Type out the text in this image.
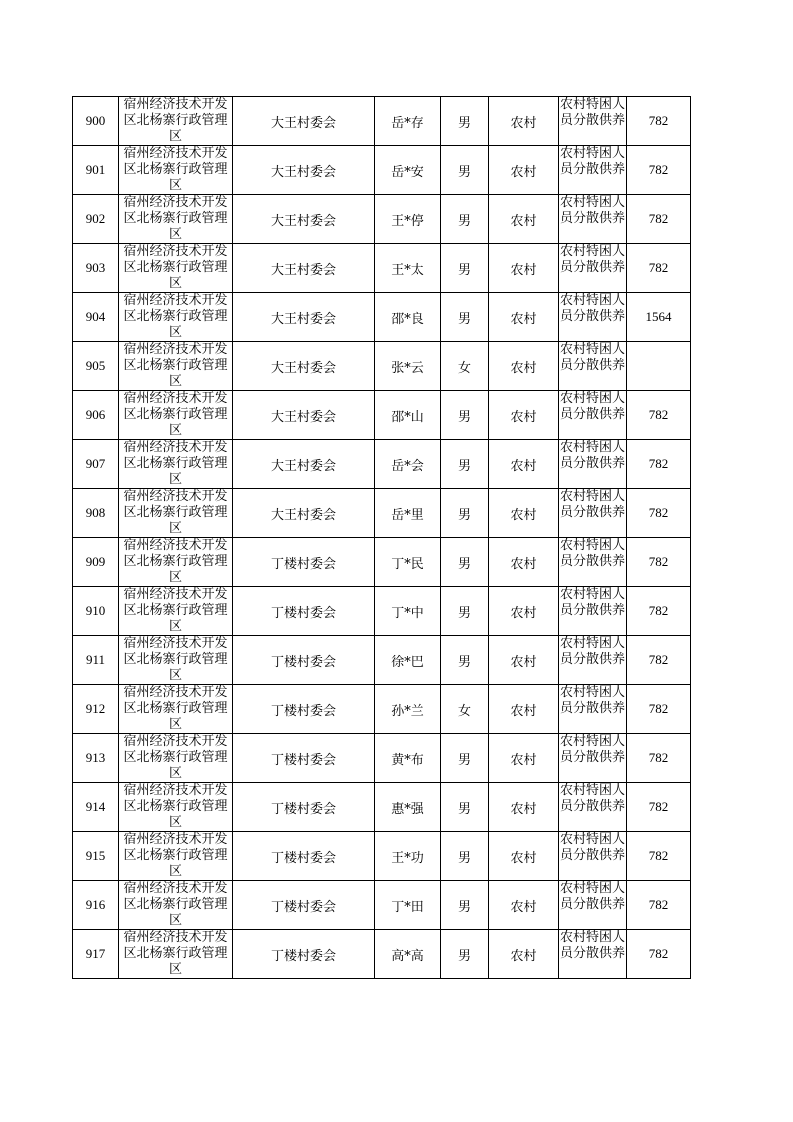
900	宿州经济技术开发区北杨寨行政管理区	大王村委会	岳*存	男	农村	农村特困人员分散供养	782
901	宿州经济技术开发区北杨寨行政管理区	大王村委会	岳*安	男	农村	农村特困人员分散供养	782
902	宿州经济技术开发区北杨寨行政管理区	大王村委会	王*停	男	农村	农村特困人员分散供养	782
903	宿州经济技术开发区北杨寨行政管理区	大王村委会	王*太	男	农村	农村特困人员分散供养	782
904	宿州经济技术开发区北杨寨行政管理区	大王村委会	邵*良	男	农村	农村特困人员分散供养	1564
905	宿州经济技术开发区北杨寨行政管理区	大王村委会	张*云	女	农村	农村特困人员分散供养	

906	宿州经济技术开发区北杨寨行政管理区	大王村委会	邵*山	男	农村	农村特困人员分散供养	782
907	宿州经济技术开发区北杨寨行政管理区	大王村委会	岳*会	男	农村	农村特困人员分散供养	782
908	宿州经济技术开发区北杨寨行政管理区	大王村委会	岳*里	男	农村	农村特困人员分散供养	782
909	宿州经济技术开发区北杨寨行政管理区	丁楼村委会	丁*民	男	农村	农村特困人员分散供养	782
910	宿州经济技术开发区北杨寨行政管理区	丁楼村委会	丁*中	男	农村	农村特困人员分散供养	782
911	宿州经济技术开发区北杨寨行政管理区	丁楼村委会	徐*巴	男	农村	农村特困人员分散供养	782
912	宿州经济技术开发区北杨寨行政管理区	丁楼村委会	孙*兰	女	农村	农村特困人员分散供养	782
913	宿州经济技术开发区北杨寨行政管理区	丁楼村委会	黄*布	男	农村	农村特困人员分散供养	782
914	宿州经济技术开发区北杨寨行政管理区	丁楼村委会	惠*强	男	农村	农村特困人员分散供养	782
915	宿州经济技术开发区北杨寨行政管理区	丁楼村委会	王*功	男	农村	农村特困人员分散供养	782
916	宿州经济技术开发区北杨寨行政管理区	丁楼村委会	丁*田	男	农村	农村特困人员分散供养	782
917	宿州经济技术开发区北杨寨行政管理区	丁楼村委会	高*高	男	农村	农村特困人员分散供养	782
